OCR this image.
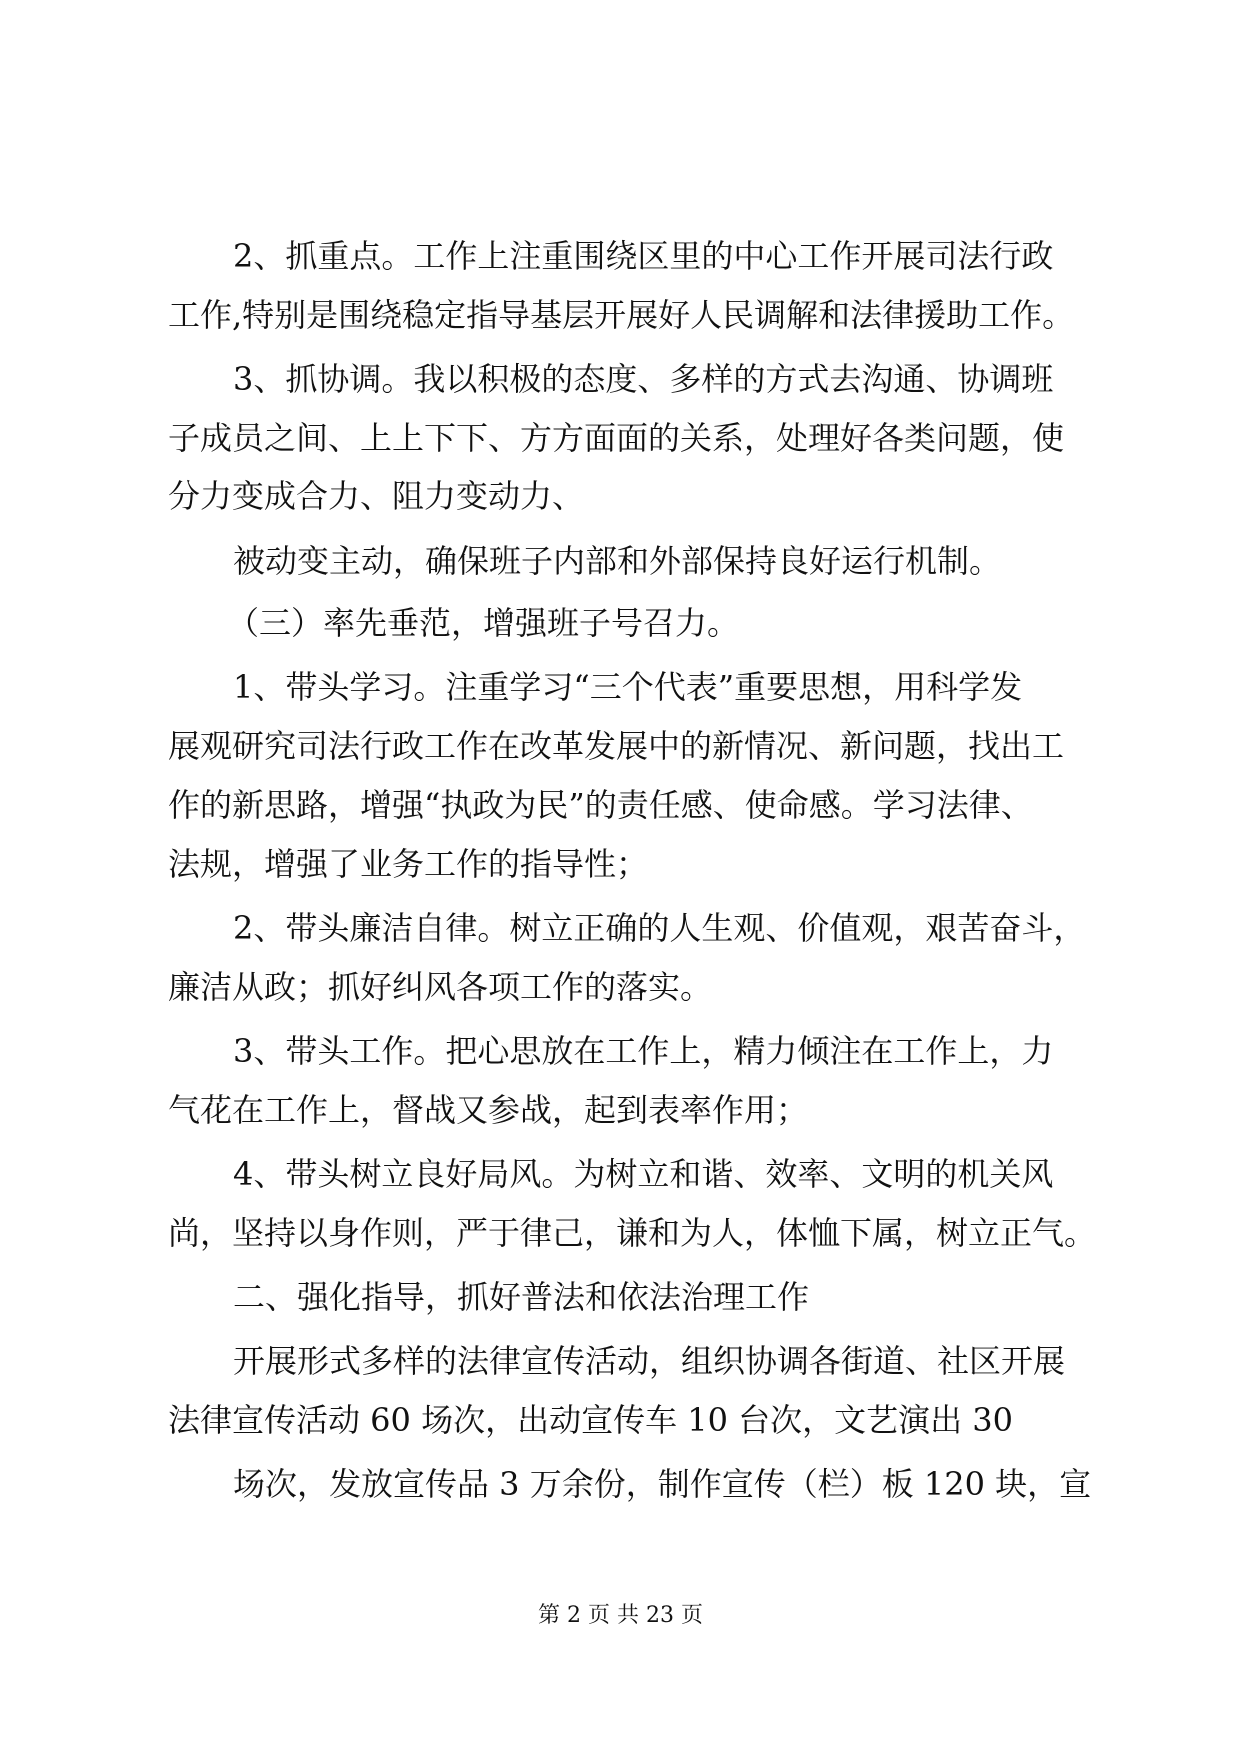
2、抓重点。工作上注重围绕区里的中心工作开展司法行政
工作,特别是围绕稳定指导基层开展好人民调解和法律援助工作。
3、抓协调。我以积极的态度、多样的方式去沟通、协调班
子成员之间、上上下下、方方面面的关系，处理好各类问题，使
分力变成合力、阻力变动力、
被动变主动，确保班子内部和外部保持良好运行机制。
（三）率先垂范，增强班子号召力。
1、带头学习。注重学习“三个代表”重要思想，用科学发
展观研究司法行政工作在改革发展中的新情况、新问题，找出工
作的新思路，增强“执政为民”的责任感、使命感。学习法律、
法规，增强了业务工作的指导性；
2、带头廉洁自律。树立正确的人生观、价值观，艰苦奋斗，
廉洁从政；抓好纠风各项工作的落实。
3、带头工作。把心思放在工作上，精力倾注在工作上，力
气花在工作上，督战又参战，起到表率作用；
4、带头树立良好局风。为树立和谐、效率、文明的机关风
尚，坚持以身作则，严于律己，谦和为人，体恤下属，树立正气。
二、强化指导，抓好普法和依法治理工作
开展形式多样的法律宣传活动，组织协调各街道、社区开展
法律宣传活动 60 场次，出动宣传车 10 台次，文艺演出 30
场次，发放宣传品 3 万余份，制作宣传（栏）板 120 块，宣
第 2 页 共 23 页
